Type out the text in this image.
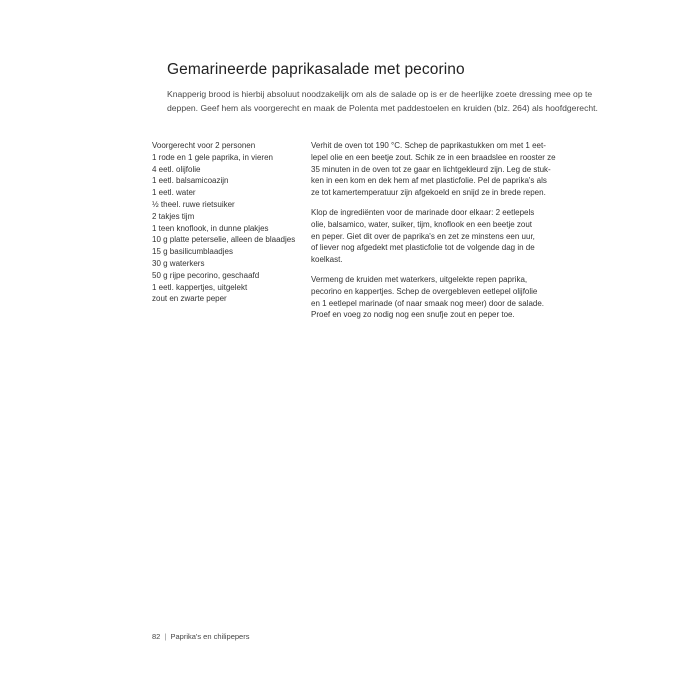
Gemarineerde paprikasalade met pecorino

Knapperig brood is hierbij absoluut noodzakelijk om als de salade op is er de heerlijke zoete dressing mee op te
deppen. Geef hem als voorgerecht en maak de Polenta met paddestoelen en kruiden (blz. 264) als hoofdgerecht.

Voorgerecht voor 2 personen
1 rode en 1 gele paprika, in vieren
4 eetl. olijfolie
1 eetl. balsamicoazijn
1 eetl. water
½ theel. ruwe rietsuiker
2 takjes tijm
1 teen knoflook, in dunne plakjes
10 g platte peterselie, alleen de blaadjes
15 g basilicumblaadjes
30 g waterkers
50 g rijpe pecorino, geschaafd
1 eetl. kappertjes, uitgelekt
zout en zwarte peper

Verhit de oven tot 190 °C. Schep de paprikastukken om met 1 eet-
lepel olie en een beetje zout. Schik ze in een braadslee en rooster ze
35 minuten in de oven tot ze gaar en lichtgekleurd zijn. Leg de stuk-
ken in een kom en dek hem af met plasticfolie. Pel de paprika's als
ze tot kamertemperatuur zijn afgekoeld en snijd ze in brede repen.

Klop de ingrediënten voor de marinade door elkaar: 2 eetlepels
olie, balsamico, water, suiker, tijm, knoflook en een beetje zout
en peper. Giet dit over de paprika's en zet ze minstens een uur,
of liever nog afgedekt met plasticfolie tot de volgende dag in de
koelkast.

Vermeng de kruiden met waterkers, uitgelekte repen paprika,
pecorino en kappertjes. Schep de overgebleven eetlepel olijfolie
en 1 eetlepel marinade (of naar smaak nog meer) door de salade.
Proef en voeg zo nodig nog een snufje zout en peper toe.

82 | Paprika's en chilipepers
